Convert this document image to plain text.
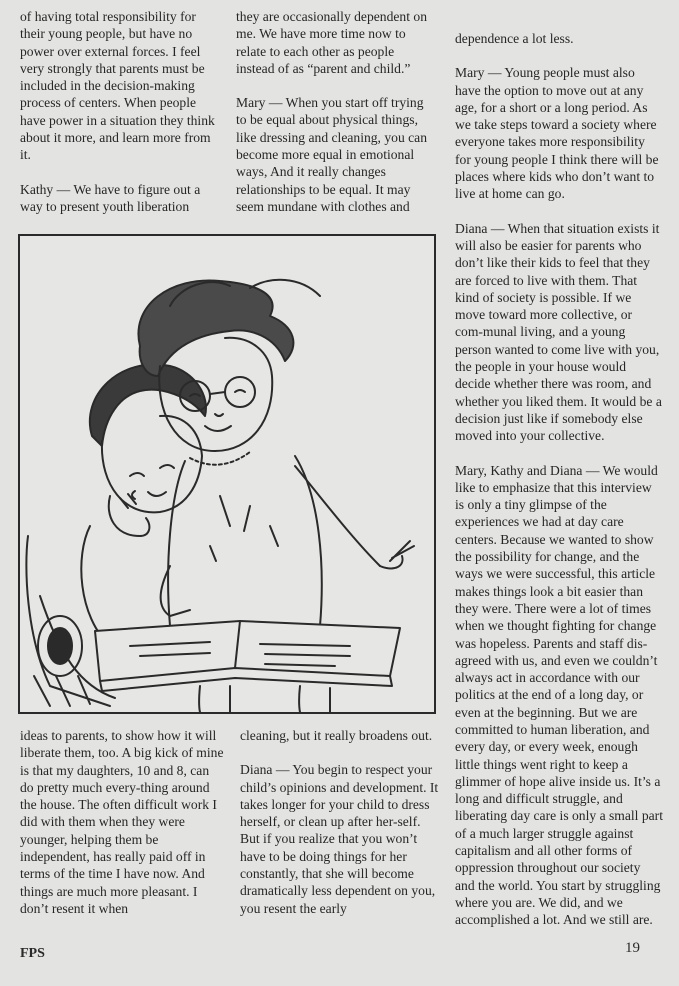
of having total responsibility for their young people, but have no power over external forces. I feel very strongly that parents must be included in the decision-making process of centers. When people have power in a situation they think about it more, and learn more from it.

Kathy — We have to figure out a way to present youth liberation

they are occasionally dependent on me. We have more time now to relate to each other as people instead of as “parent and child.”

Mary — When you start off trying to be equal about physical things, like dressing and cleaning, you can become more equal in emotional ways, And it really changes relationships to be equal. It may seem mundane with clothes and

dependence a lot less.

Mary — Young people must also have the option to move out at any age, for a short or a long period. As we take steps toward a society where everyone takes more responsibility for young people I think there will be places where kids who don’t want to live at home can go.

Diana — When that situation exists it will also be easier for parents who don’t like their kids to feel that they are forced to live with them. That kind of society is possible. If we move toward more collective, or com-munal living, and a young person wanted to come live with you, the people in your house would decide whether there was room, and whether you liked them. It would be a decision just like if somebody else moved into your collective.

Mary, Kathy and Diana — We would like to emphasize that this interview is only a tiny glimpse of the experiences we had at day care centers. Because we wanted to show the possibility for change, and the ways we were successful, this article makes things look a bit easier than they were. There were a lot of times when we thought fighting for change was hopeless. Parents and staff dis-agreed with us, and even we couldn’t always act in accordance with our politics at the end of a long day, or even at the beginning. But we are committed to human liberation, and every day, or every week, enough little things went right to keep a glimmer of hope alive inside us. It’s a long and difficult struggle, and liberating day care is only a small part of a much larger struggle against capitalism and all other forms of oppression throughout our society and the world. You start by struggling where you are. We did, and we accomplished a lot. And we still are.

ideas to parents, to show how it will liberate them, too. A big kick of mine is that my daughters, 10 and 8, can do pretty much every-thing around the house. The often difficult work I did with them when they were younger, helping them be independent, has really paid off in terms of the time I have now. And things are much more pleasant. I don’t resent it when

cleaning, but it really broadens out.

Diana — You begin to respect your child’s opinions and development. It takes longer for your child to dress herself, or clean up after her-self. But if you realize that you won’t have to be doing things for her constantly, that she will become dramatically less dependent on you, you resent the early

FPS	19
